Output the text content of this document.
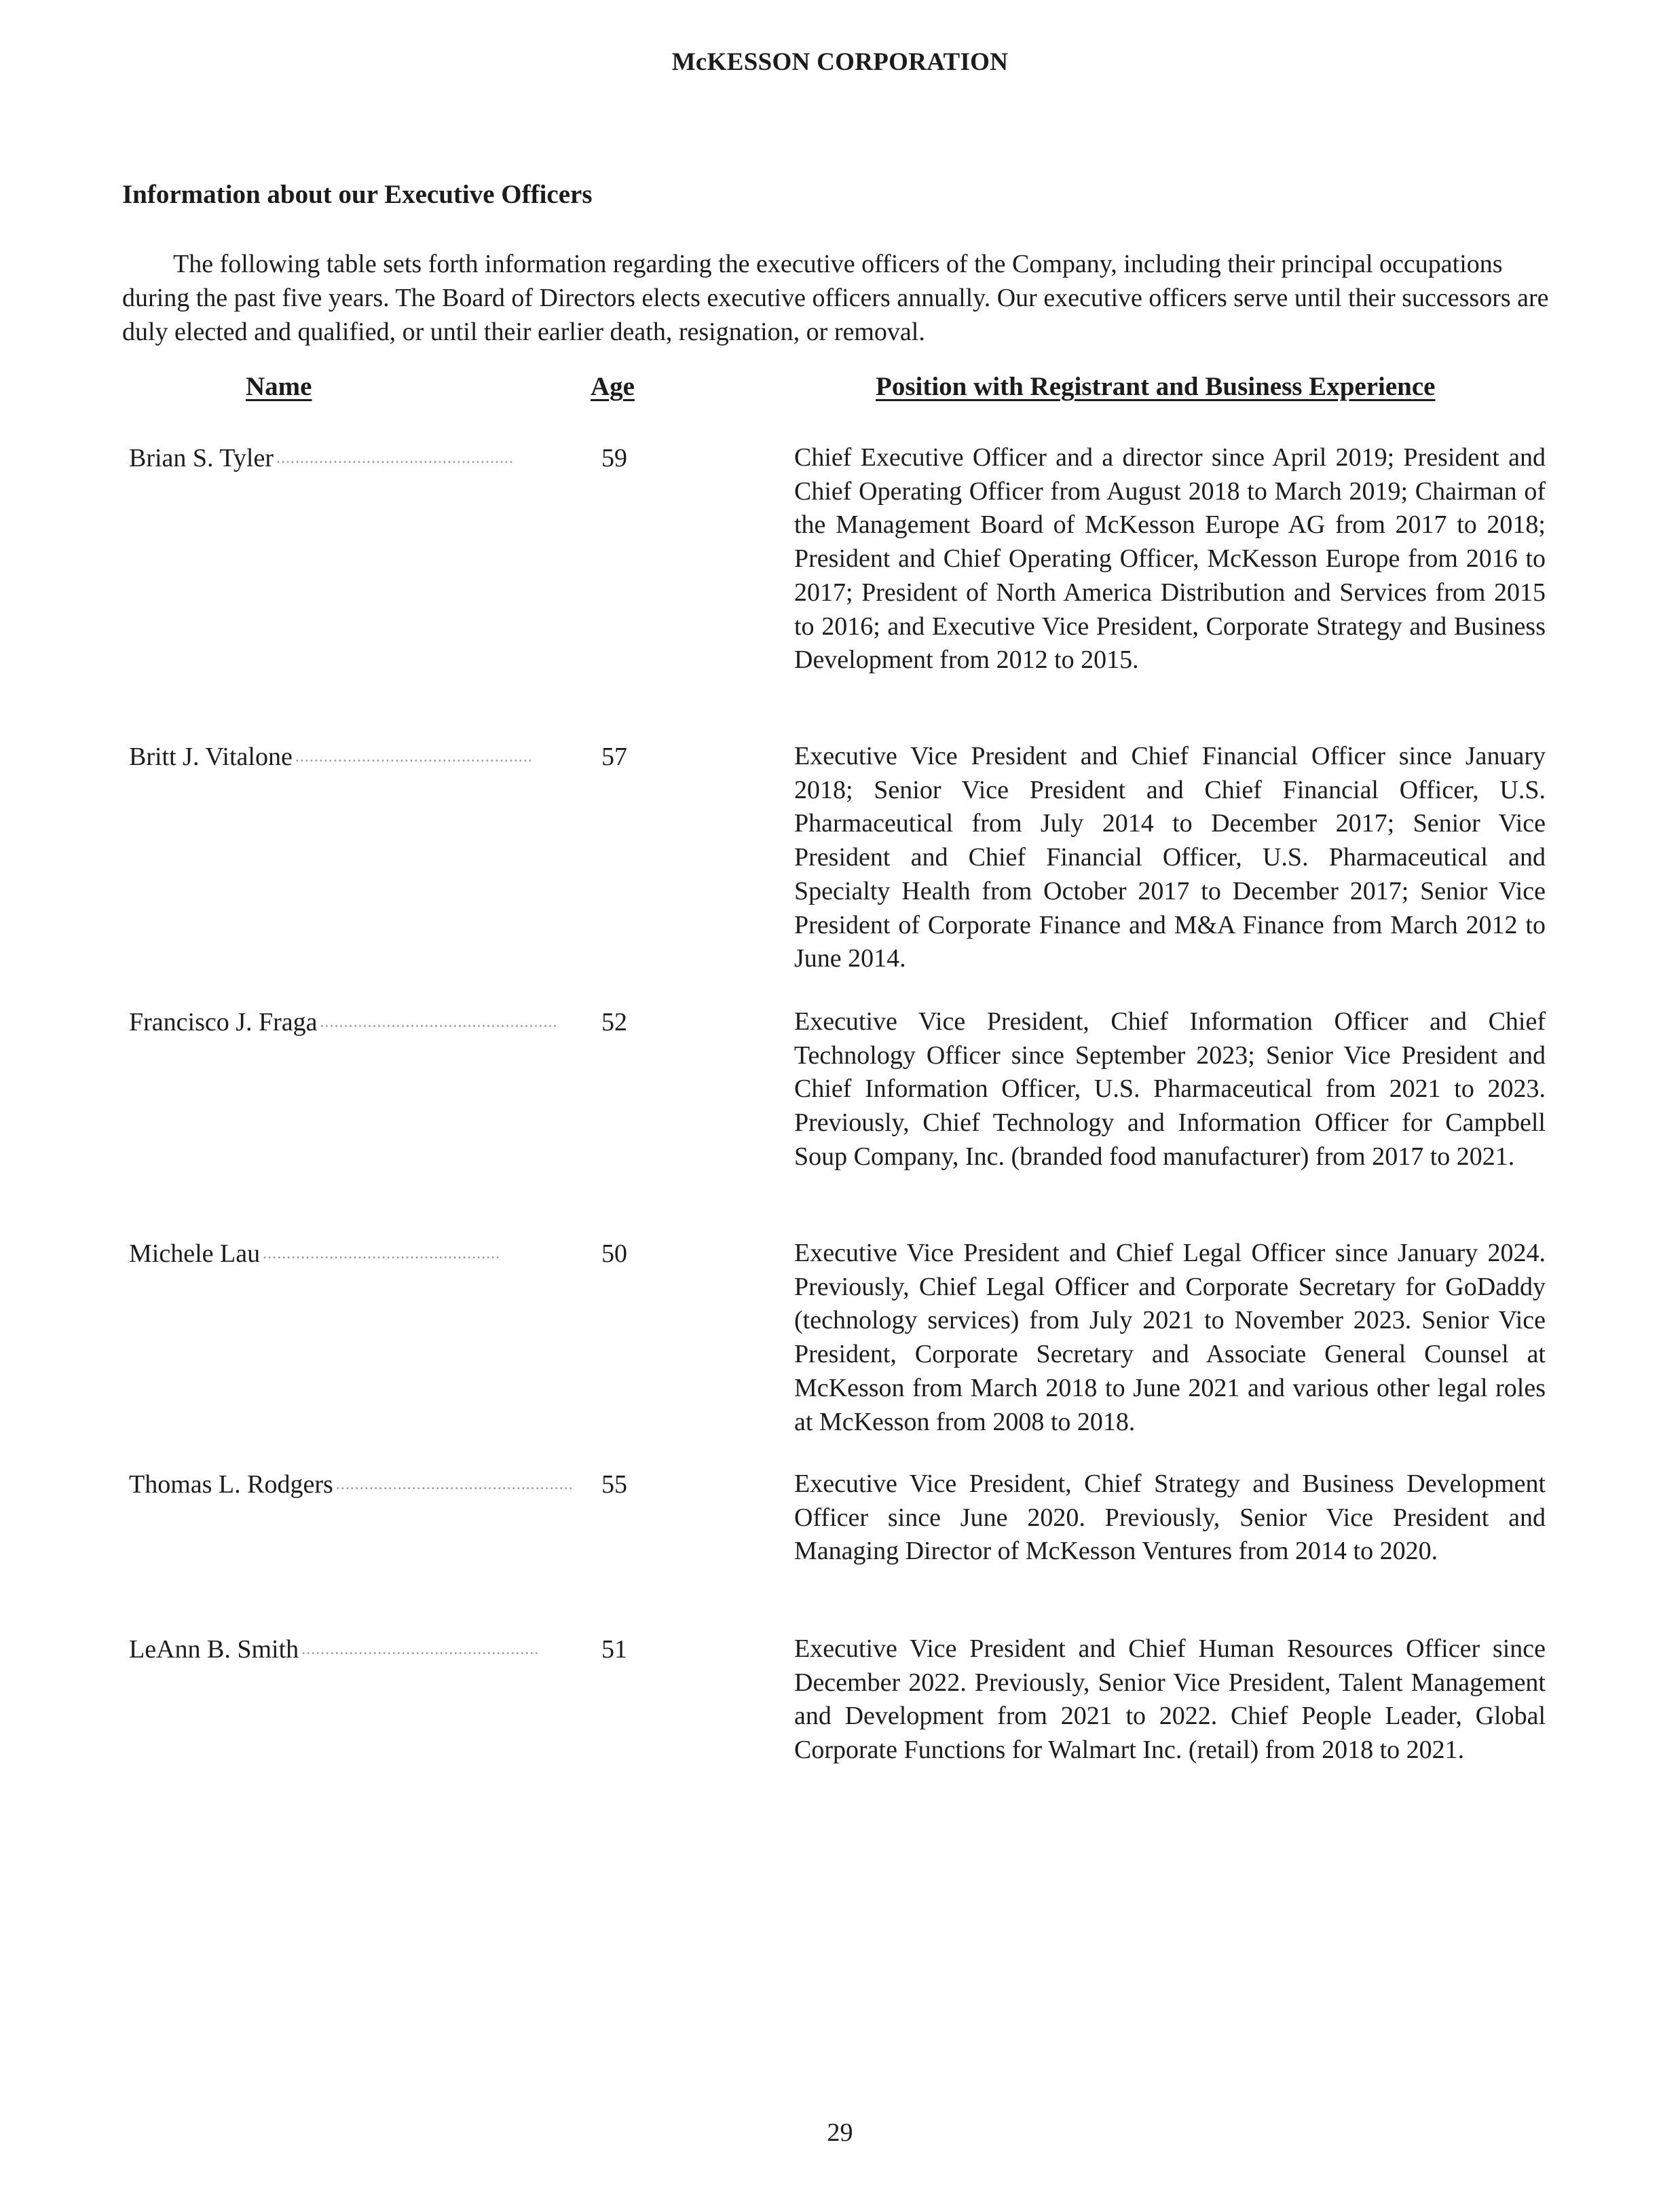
McKESSON CORPORATION
Information about our Executive Officers

The following table sets forth information regarding the executive officers of the Company, including their principal occupations during the past five years. The Board of Directors elects executive officers annually. Our executive officers serve until their successors are duly elected and qualified, or until their earlier death, resignation, or removal.

Name	Age	Position with Registrant and Business Experience
Brian S. Tyler ..................................................	59	Chief Executive Officer and a director since April 2019; President and Chief Operating Officer from August 2018 to March 2019; Chairman of the Management Board of McKesson Europe AG from 2017 to 2018; President and Chief Operating Officer, McKesson Europe from 2016 to 2017; President of North America Distribution and Services from 2015 to 2016; and Executive Vice President, Corporate Strategy and Business Development from 2012 to 2015.

Britt J. Vitalone ..................................................	57	Executive Vice President and Chief Financial Officer since January 2018; Senior Vice President and Chief Financial Officer, U.S. Pharmaceutical from July 2014 to December 2017; Senior Vice President and Chief Financial Officer, U.S. Pharmaceutical and Specialty Health from October 2017 to December 2017; Senior Vice President of Corporate Finance and M&A Finance from March 2012 to June 2014.

Francisco J. Fraga ..................................................	52	Executive Vice President, Chief Information Officer and Chief Technology Officer since September 2023; Senior Vice President and Chief Information Officer, U.S. Pharmaceutical from 2021 to 2023. Previously, Chief Technology and Information Officer for Campbell Soup Company, Inc. (branded food manufacturer) from 2017 to 2021.

Michele Lau ..................................................	50	Executive Vice President and Chief Legal Officer since January 2024. Previously, Chief Legal Officer and Corporate Secretary for GoDaddy (technology services) from July 2021 to November 2023. Senior Vice President, Corporate Secretary and Associate General Counsel at McKesson from March 2018 to June 2021 and various other legal roles at McKesson from 2008 to 2018.

Thomas L. Rodgers ..................................................	55	Executive Vice President, Chief Strategy and Business Development Officer since June 2020. Previously, Senior Vice President and Managing Director of McKesson Ventures from 2014 to 2020.

LeAnn B. Smith ..................................................	51	Executive Vice President and Chief Human Resources Officer since December 2022. Previously, Senior Vice President, Talent Management and Development from 2021 to 2022. Chief People Leader, Global Corporate Functions for Walmart Inc. (retail) from 2018 to 2021.

29
